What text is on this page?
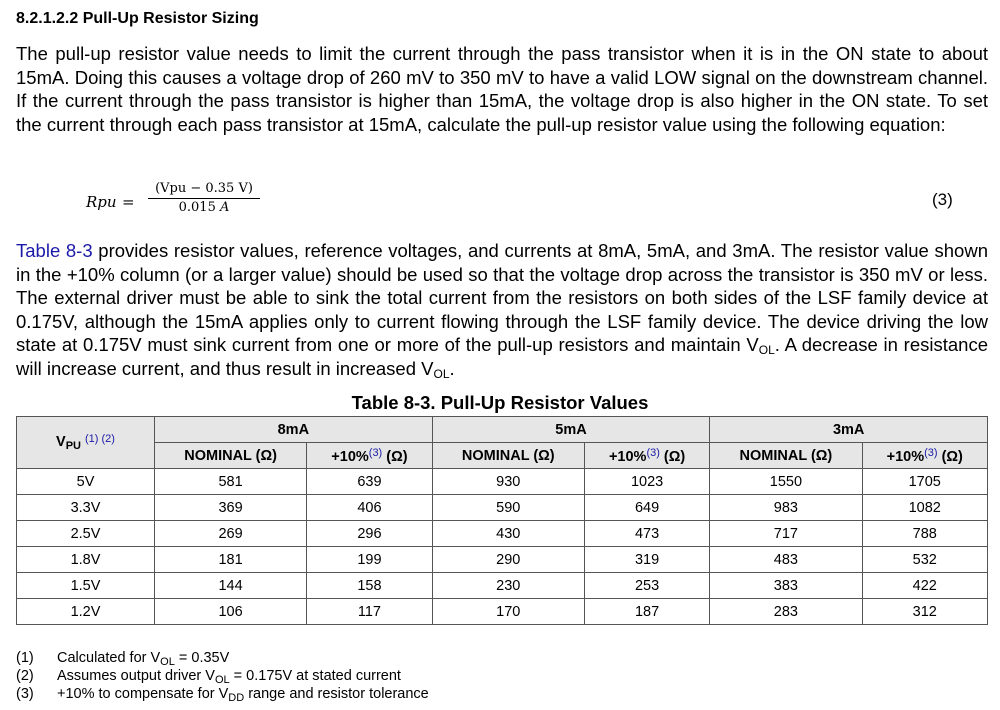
8.2.1.2.2 Pull-Up Resistor Sizing

The pull-up resistor value needs to limit the current through the pass transistor when it is in the ON state to about 15mA. Doing this causes a voltage drop of 260 mV to 350 mV to have a valid LOW signal on the downstream channel. If the current through the pass transistor is higher than 15mA, the voltage drop is also higher in the ON state. To set the current through each pass transistor at 15mA, calculate the pull-up resistor value using the following equation:

Rpu =
(Vpu − 0.35 V)
0.015 A	(3)

Table 8-3 provides resistor values, reference voltages, and currents at 8mA, 5mA, and 3mA. The resistor value shown in the +10% column (or a larger value) should be used so that the voltage drop across the transistor is 350 mV or less. The external driver must be able to sink the total current from the resistors on both sides of the LSF family device at 0.175V, although the 15mA applies only to current flowing through the LSF family device. The device driving the low state at 0.175V must sink current from one or more of the pull-up resistors and maintain $V_{OL}$. A decrease in resistance will increase current, and thus result in increased $V_{OL}$.

Table 8-3. Pull-Up Resistor Values
$V_{PU}$ $^{(1) (2)}$	8mA		5mA		3mA	
	NOMINAL (Ω)	+10%$^{(3)}$ (Ω)	NOMINAL (Ω)	+10%$^{(3)}$ (Ω)	NOMINAL (Ω)	+10%$^{(3)}$ (Ω)
5V	581	639	930	1023	1550	1705
3.3V	369	406	590	649	983	1082
2.5V	269	296	430	473	717	788
1.8V	181	199	290	319	483	532
1.5V	144	158	230	253	383	422
1.2V	106	117	170	187	283	312
(1)	Calculated for $V_{OL} = 0.35V$
(2)	Assumes output driver $V_{OL} = 0.175V$ at stated current
(3)	+10% to compensate for $V_{DD}$ range and resistor tolerance
